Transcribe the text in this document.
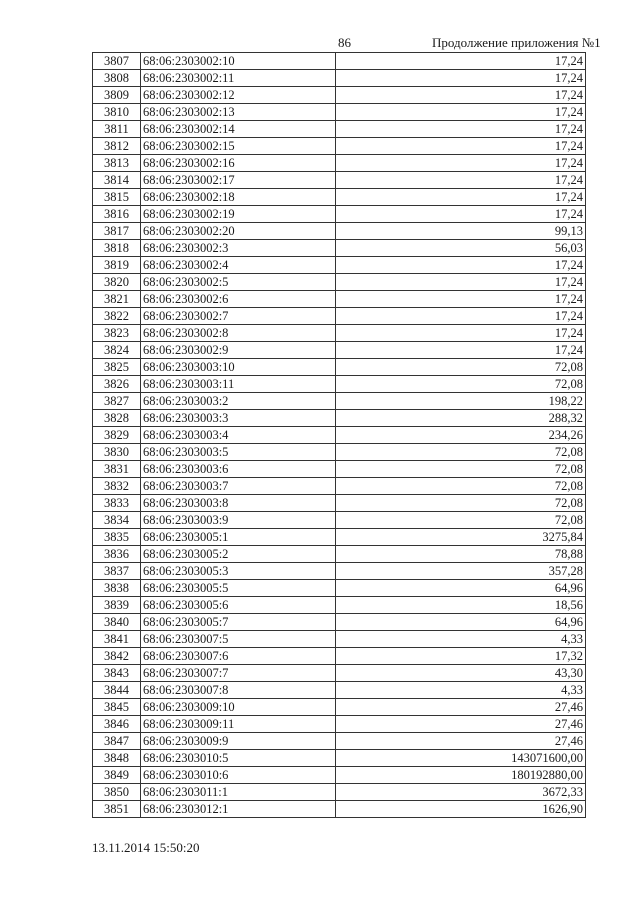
86	Продолжение приложения №1
3807	68:06:2303002:10	17,24
3808	68:06:2303002:11	17,24
3809	68:06:2303002:12	17,24
3810	68:06:2303002:13	17,24
3811	68:06:2303002:14	17,24
3812	68:06:2303002:15	17,24
3813	68:06:2303002:16	17,24
3814	68:06:2303002:17	17,24
3815	68:06:2303002:18	17,24
3816	68:06:2303002:19	17,24
3817	68:06:2303002:20	99,13
3818	68:06:2303002:3	56,03
3819	68:06:2303002:4	17,24
3820	68:06:2303002:5	17,24
3821	68:06:2303002:6	17,24
3822	68:06:2303002:7	17,24
3823	68:06:2303002:8	17,24
3824	68:06:2303002:9	17,24
3825	68:06:2303003:10	72,08
3826	68:06:2303003:11	72,08
3827	68:06:2303003:2	198,22
3828	68:06:2303003:3	288,32
3829	68:06:2303003:4	234,26
3830	68:06:2303003:5	72,08
3831	68:06:2303003:6	72,08
3832	68:06:2303003:7	72,08
3833	68:06:2303003:8	72,08
3834	68:06:2303003:9	72,08
3835	68:06:2303005:1	3275,84
3836	68:06:2303005:2	78,88
3837	68:06:2303005:3	357,28
3838	68:06:2303005:5	64,96
3839	68:06:2303005:6	18,56
3840	68:06:2303005:7	64,96
3841	68:06:2303007:5	4,33
3842	68:06:2303007:6	17,32
3843	68:06:2303007:7	43,30
3844	68:06:2303007:8	4,33
3845	68:06:2303009:10	27,46
3846	68:06:2303009:11	27,46
3847	68:06:2303009:9	27,46
3848	68:06:2303010:5	143071600,00
3849	68:06:2303010:6	180192880,00
3850	68:06:2303011:1	3672,33
3851	68:06:2303012:1	1626,90
13.11.2014 15:50:20
